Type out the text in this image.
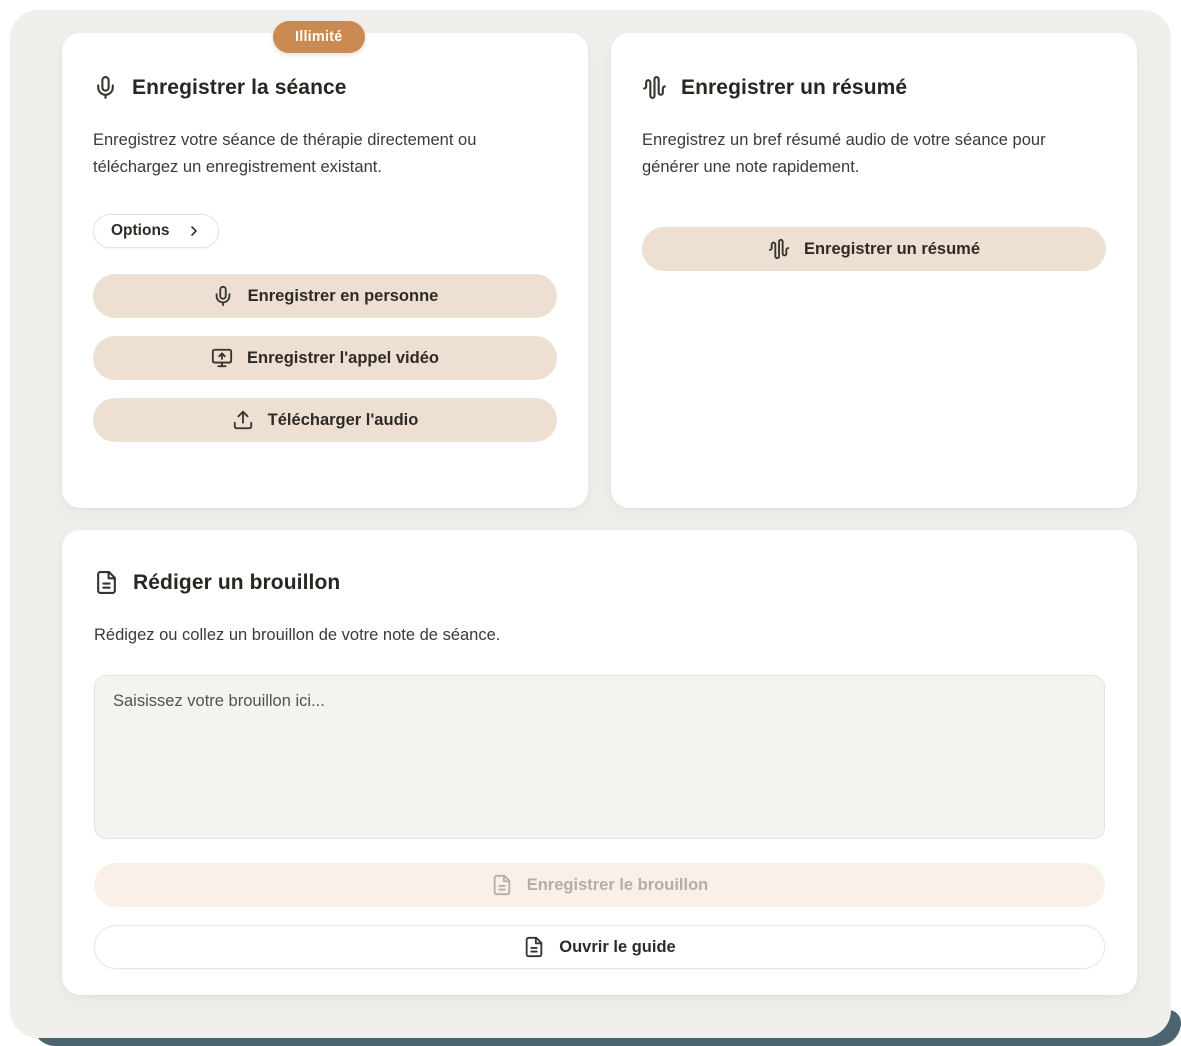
Illimité
Enregistrer la séance

Enregistrez votre séance de thérapie directement ou téléchargez un enregistrement existant.

Options
Enregistrer en personne
Enregistrer l'appel vidéo
Télécharger l'audio
Enregistrer un résumé

Enregistrez un bref résumé audio de votre séance pour générer une note rapidement.

Enregistrer un résumé
Rédiger un brouillon

Rédigez ou collez un brouillon de votre note de séance.

Saisissez votre brouillon ici...
Enregistrer le brouillon
Ouvrir le guide
